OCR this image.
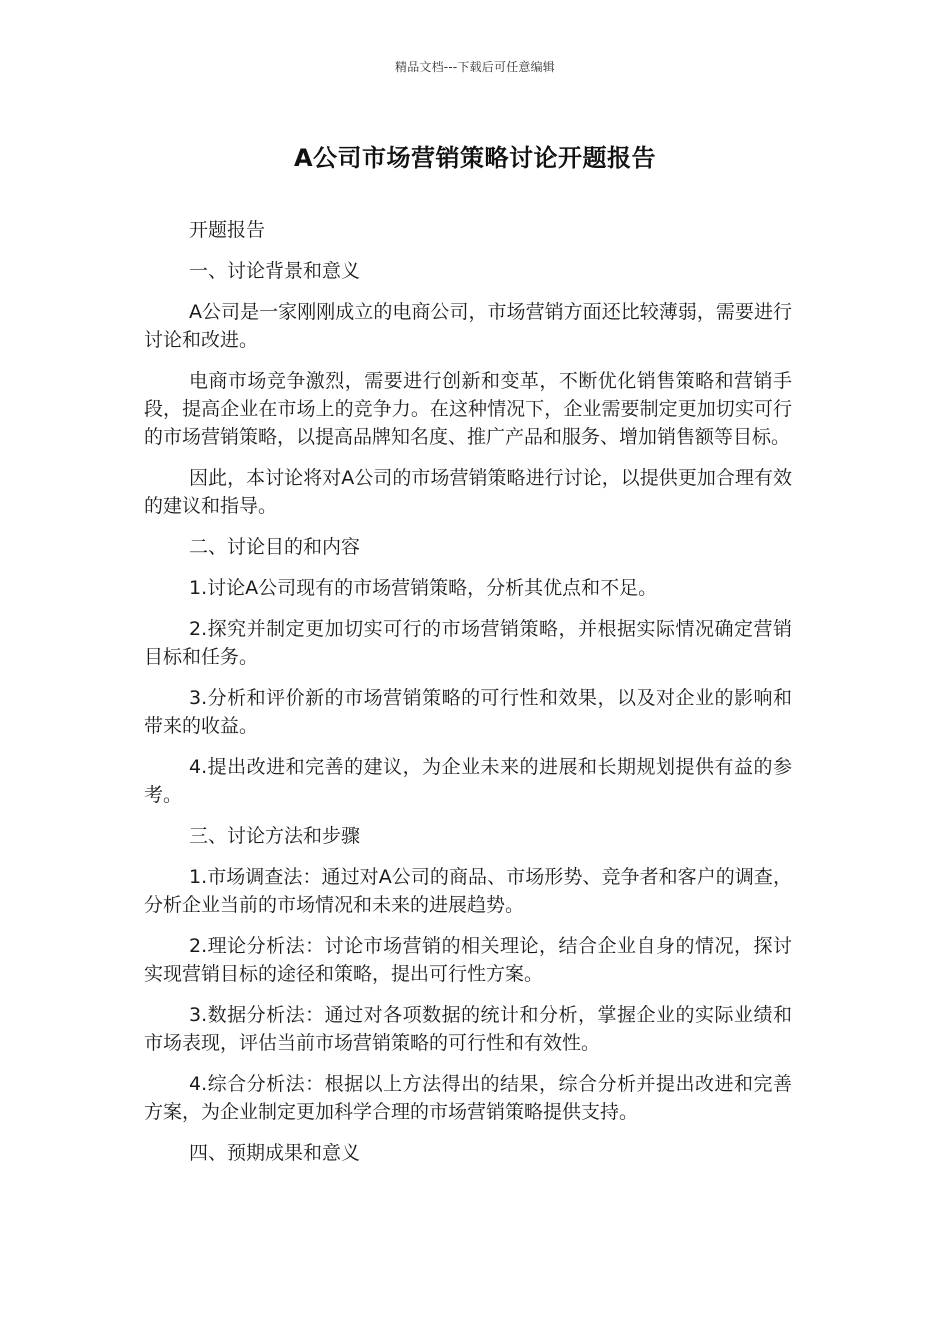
精品文档---下载后可任意编辑
A公司市场营销策略讨论开题报告

开题报告

一、讨论背景和意义

A公司是一家刚刚成立的电商公司，市场营销方面还比较薄弱，需要进行讨论和改进。

电商市场竞争激烈，需要进行创新和变革，不断优化销售策略和营销手段，提高企业在市场上的竞争力。在这种情况下，企业需要制定更加切实可行的市场营销策略，以提高品牌知名度、推广产品和服务、增加销售额等目标。

因此，本讨论将对A公司的市场营销策略进行讨论，以提供更加合理有效的建议和指导。

二、讨论目的和内容

1.讨论A公司现有的市场营销策略，分析其优点和不足。

2.探究并制定更加切实可行的市场营销策略，并根据实际情况确定营销目标和任务。

3.分析和评价新的市场营销策略的可行性和效果，以及对企业的影响和带来的收益。

4.提出改进和完善的建议，为企业未来的进展和长期规划提供有益的参考。

三、讨论方法和步骤

1.市场调查法：通过对A公司的商品、市场形势、竞争者和客户的调查，分析企业当前的市场情况和未来的进展趋势。

2.理论分析法：讨论市场营销的相关理论，结合企业自身的情况，探讨实现营销目标的途径和策略，提出可行性方案。

3.数据分析法：通过对各项数据的统计和分析，掌握企业的实际业绩和市场表现，评估当前市场营销策略的可行性和有效性。

4.综合分析法：根据以上方法得出的结果，综合分析并提出改进和完善方案，为企业制定更加科学合理的市场营销策略提供支持。

四、预期成果和意义
